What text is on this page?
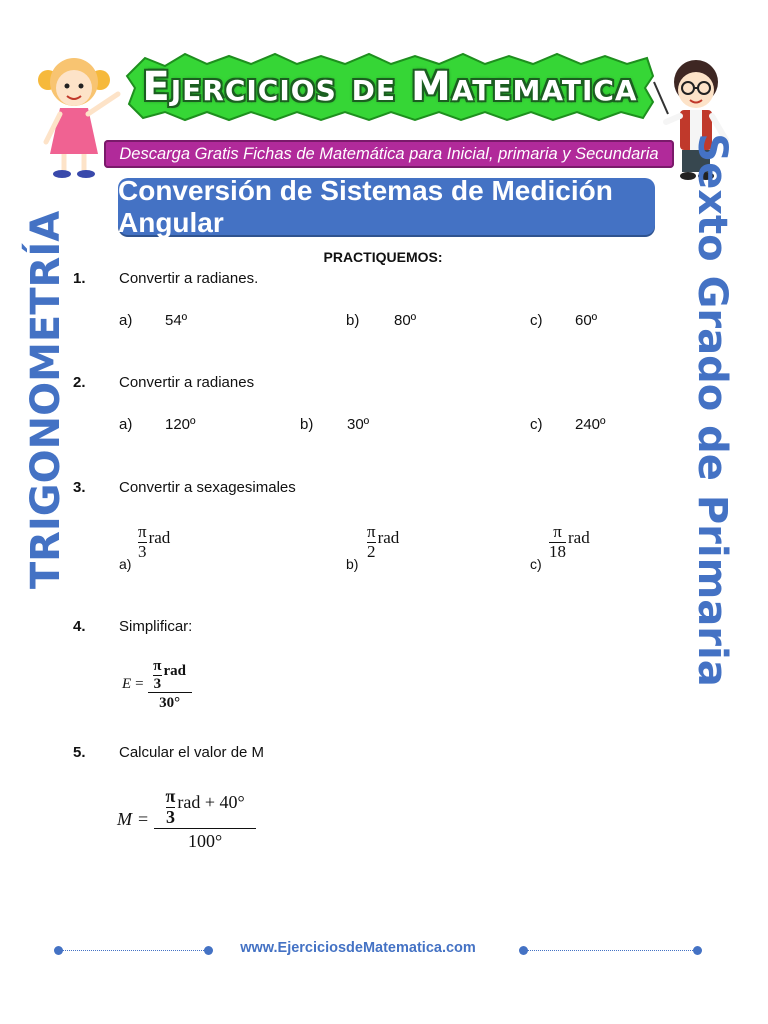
Ejercicios de Matematica
Descarga Gratis Fichas de Matemática para Inicial, primaria y Secundaria
Conversión de Sistemas de Medición Angular
TRIGONOMETRÍA	Sexto Grado de Primaria
PRACTIQUEMOS:
1. Convertir a radianes.
a) 54º	b) 80º	c) 60º
2. Convertir a radianes
a) 120º	b) 30º	c) 240º
3. Convertir a sexagesimales
a)
$\frac{\pi}{3}$ rad
b)
$\frac{\pi}{2}$ rad
c)
$\frac{\pi}{18}$ rad
4. Simplificar:
$E = \frac{\frac{\pi}{3} rad}{30^\circ}$
5. Calcular el valor de M
$M = \frac{\frac{\pi}{3} rad + 40^\circ}{100^\circ}$
www.EjerciciosdeMatematica.com
